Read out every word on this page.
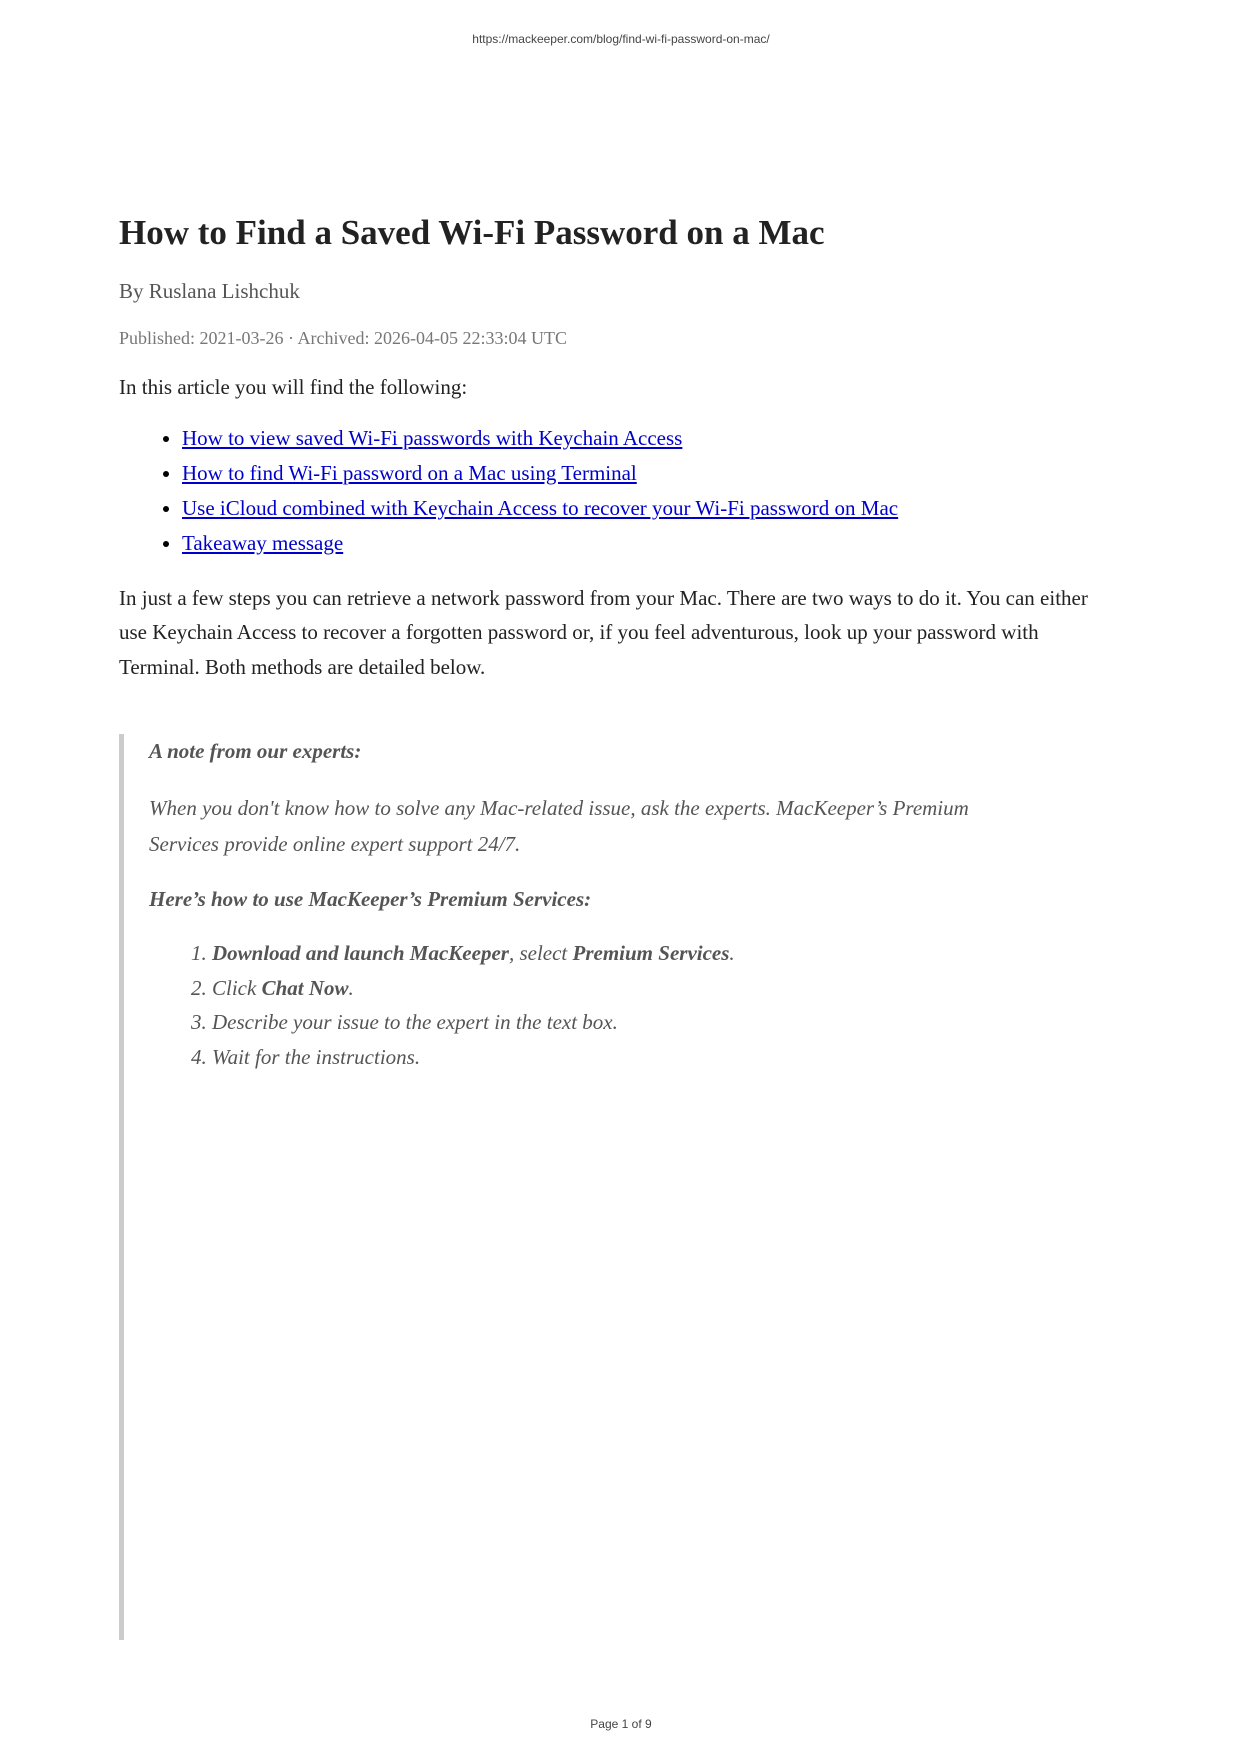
https://mackeeper.com/blog/find-wi-fi-password-on-mac/
How to Find a Saved Wi-Fi Password on a Mac
By Ruslana Lishchuk
Published: 2021-03-26 · Archived: 2026-04-05 22:33:04 UTC
In this article you will find the following:
• How to view saved Wi-Fi passwords with Keychain Access
• How to find Wi-Fi password on a Mac using Terminal
• Use iCloud combined with Keychain Access to recover your Wi-Fi password on Mac
• Takeaway message
In just a few steps you can retrieve a network password from your Mac. There are two ways to do it. You can either use Keychain Access to recover a forgotten password or, if you feel adventurous, look up your password with Terminal. Both methods are detailed below.

A note from our experts:

When you don't know how to solve any Mac-related issue, ask the experts. MacKeeper’s Premium Services provide online expert support 24/7.

Here’s how to use MacKeeper’s Premium Services:

1. Download and launch MacKeeper, select Premium Services.
2. Click Chat Now.
3. Describe your issue to the expert in the text box.
4. Wait for the instructions.
Page 1 of 9
